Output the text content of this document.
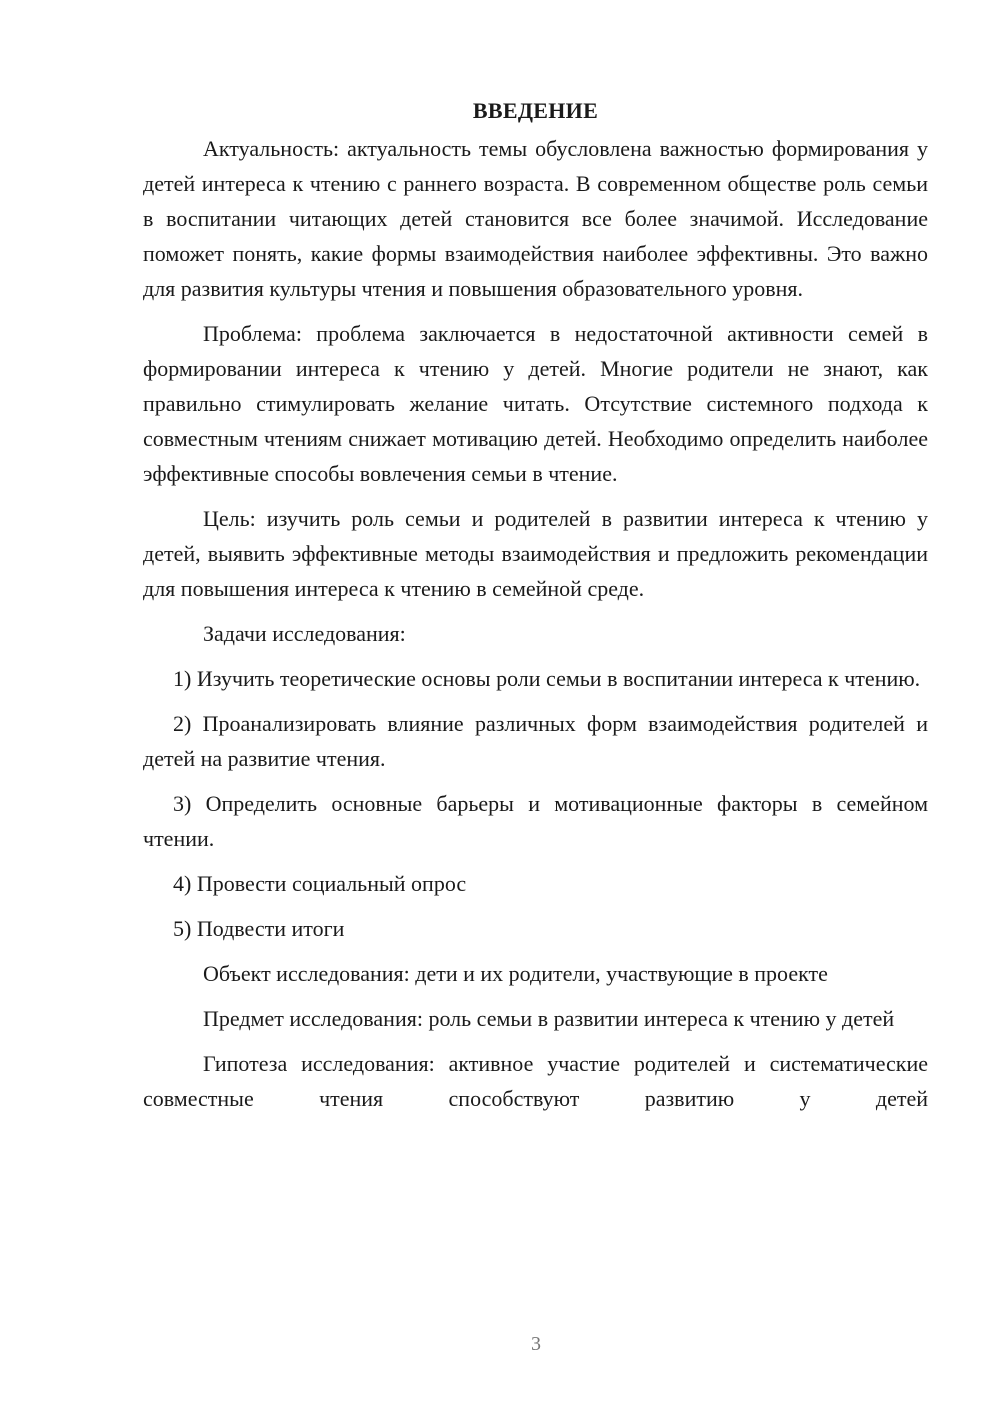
ВВЕДЕНИЕ

Актуальность: актуальность темы обусловлена важностью формирования у детей интереса к чтению с раннего возраста. В современном обществе роль семьи в воспитании читающих детей становится все более значимой. Исследование поможет понять, какие формы взаимодействия наиболее эффективны. Это важно для развития культуры чтения и повышения образовательного уровня.

Проблема: проблема заключается в недостаточной активности семей в формировании интереса к чтению у детей. Многие родители не знают, как правильно стимулировать желание читать. Отсутствие системного подхода к совместным чтениям снижает мотивацию детей. Необходимо определить наиболее эффективные способы вовлечения семьи в чтение.

Цель: изучить роль семьи и родителей в развитии интереса к чтению у детей, выявить эффективные методы взаимодействия и предложить рекомендации для повышения интереса к чтению в семейной среде.

Задачи исследования:

1) Изучить теоретические основы роли семьи в воспитании интереса к чтению.

2) Проанализировать влияние различных форм взаимодействия родителей и детей на развитие чтения.

3) Определить основные барьеры и мотивационные факторы в семейном чтении.

4) Провести социальный опрос

5) Подвести итоги

Объект исследования: дети и их родители, участвующие в проекте

Предмет исследования: роль семьи в развитии интереса к чтению у детей

Гипотеза исследования: активное участие родителей и систематические совместные чтения способствуют развитию у детей

3
